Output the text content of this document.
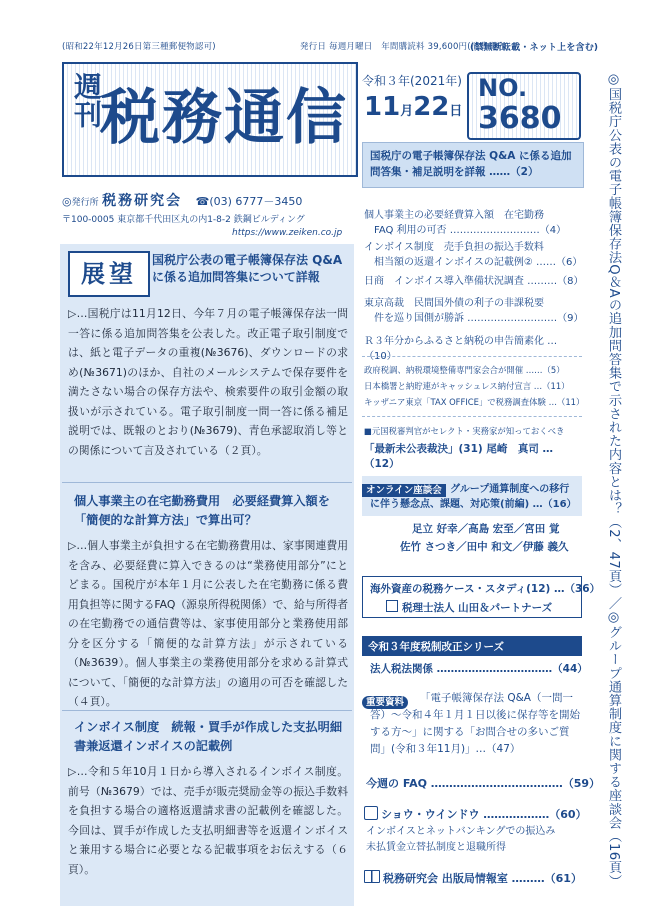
(昭和22年12月26日第三種郵便物認可)	発行日 毎週月曜日　年間購読料 39,600円(消費税込)
(禁無断転載・ネット上を含む)
週刊
税務通信
令和３年(2021年)
11月22日
NO.
3680
国税庁の電子帳簿保存法 Q&A に係る追加問答集・補足説明を詳報 ……（2）
◎発行所 税務研究会 ☎(03) 6777－3450
〒100-0005 東京都千代田区丸の内1-8-2 鉄鋼ビルディング
https://www.zeiken.co.jp
展望	国税庁公表の電子帳簿保存法 Q&A に係る追加問答集について詳報
▷…国税庁は11月12日、今年７月の電子帳簿保存法一問一答に係る追加問答集を公表した。改正電子取引制度では、紙と電子データの重複(№3676)、ダウンロードの求め(№3671)のほか、自社のメールシステムで保存要件を満たさない場合の保存方法や、検索要件の取引金額の取扱いが示されている。電子取引制度一問一答に係る補足説明では、既報のとおり(№3679)、青色承認取消し等との関係について言及されている（２頁）。
個人事業主の在宅勤務費用　必要経費算入額を「簡便的な計算方法」で算出可？
▷…個人事業主が負担する在宅勤務費用は、家事関連費用を含み、必要経費に算入できるのは“業務使用部分”にとどまる。国税庁が本年１月に公表した在宅勤務に係る費用負担等に関するFAQ（源泉所得税関係）で、給与所得者の在宅勤務での通信費等は、家事使用部分と業務使用部分を区分する「簡便的な計算方法」が示されている（№3639）。個人事業主の業務使用部分を求める計算式について、「簡便的な計算方法」の適用の可否を確認した（４頁）。
インボイス制度　続報・買手が作成した支払明細書兼返還インボイスの記載例
▷…令和５年10月１日から導入されるインボイス制度。前号（№3679）では、売手が販売奨励金等の振込手数料を負担する場合の適格返還請求書の記載例を確認した。今回は、買手が作成した支払明細書等を返還インボイスと兼用する場合に必要となる記載事項をお伝えする（６頁）。
個人事業主の必要経費算入額　在宅勤務
FAQ 利用の可否 ………………………（4）
インボイス制度　売手負担の振込手数料
相当額の返還インボイスの記載例② ……（6）
日商　インボイス導入準備状況調査 ………（8）
東京高裁　民間国外債の利子の非課税要
件を巡り国側が勝訴 ………………………（9）
Ｒ３年分からふるさと納税の申告簡素化 …（10）
政府税調、納税環境整備専門家会合が開催 ……（5）
日本橋署と納貯連がキャッシュレス納付宣言 …（11）
キッザニア東京「TAX OFFICE」で税務調査体験 …（11）
■元国税審判官がセレクト・実務家が知っておくべき
「最新未公表裁決」(31) 尾崎　真司 …（12）
オンライン座談会 グループ通算制度への移行に伴う懸念点、課題、対応策(前編) …（16）
足立 好幸／高島 宏至／宮田 覚
佐竹 さつき／田中 和文／伊藤 義久
海外資産の税務ケース・スタディ(12) …（36）
税理士法人 山田＆パートナーズ
令和３年度税制改正シリーズ
法人税法関係 ……………………………（44）
重要資料	「電子帳簿保存法 Q&A（一問一答）～令和４年１月１日以後に保存等を開始する方～」に関する「お問合せの多いご質問」(令和３年11月)」…（47）
今週の FAQ ………………………………（59）
ショウ・ウインドウ ………………（60）
インボイスとネットバンキングでの振込み
未払賃金立替払制度と退職所得
税務研究会 出版局情報室 ………（61）	◎国税庁公表の電子帳簿保存法Q＆Aの追加問答集で示された内容とは？（2、47頁）／◎グループ通算制度に関する座談会（16頁）
